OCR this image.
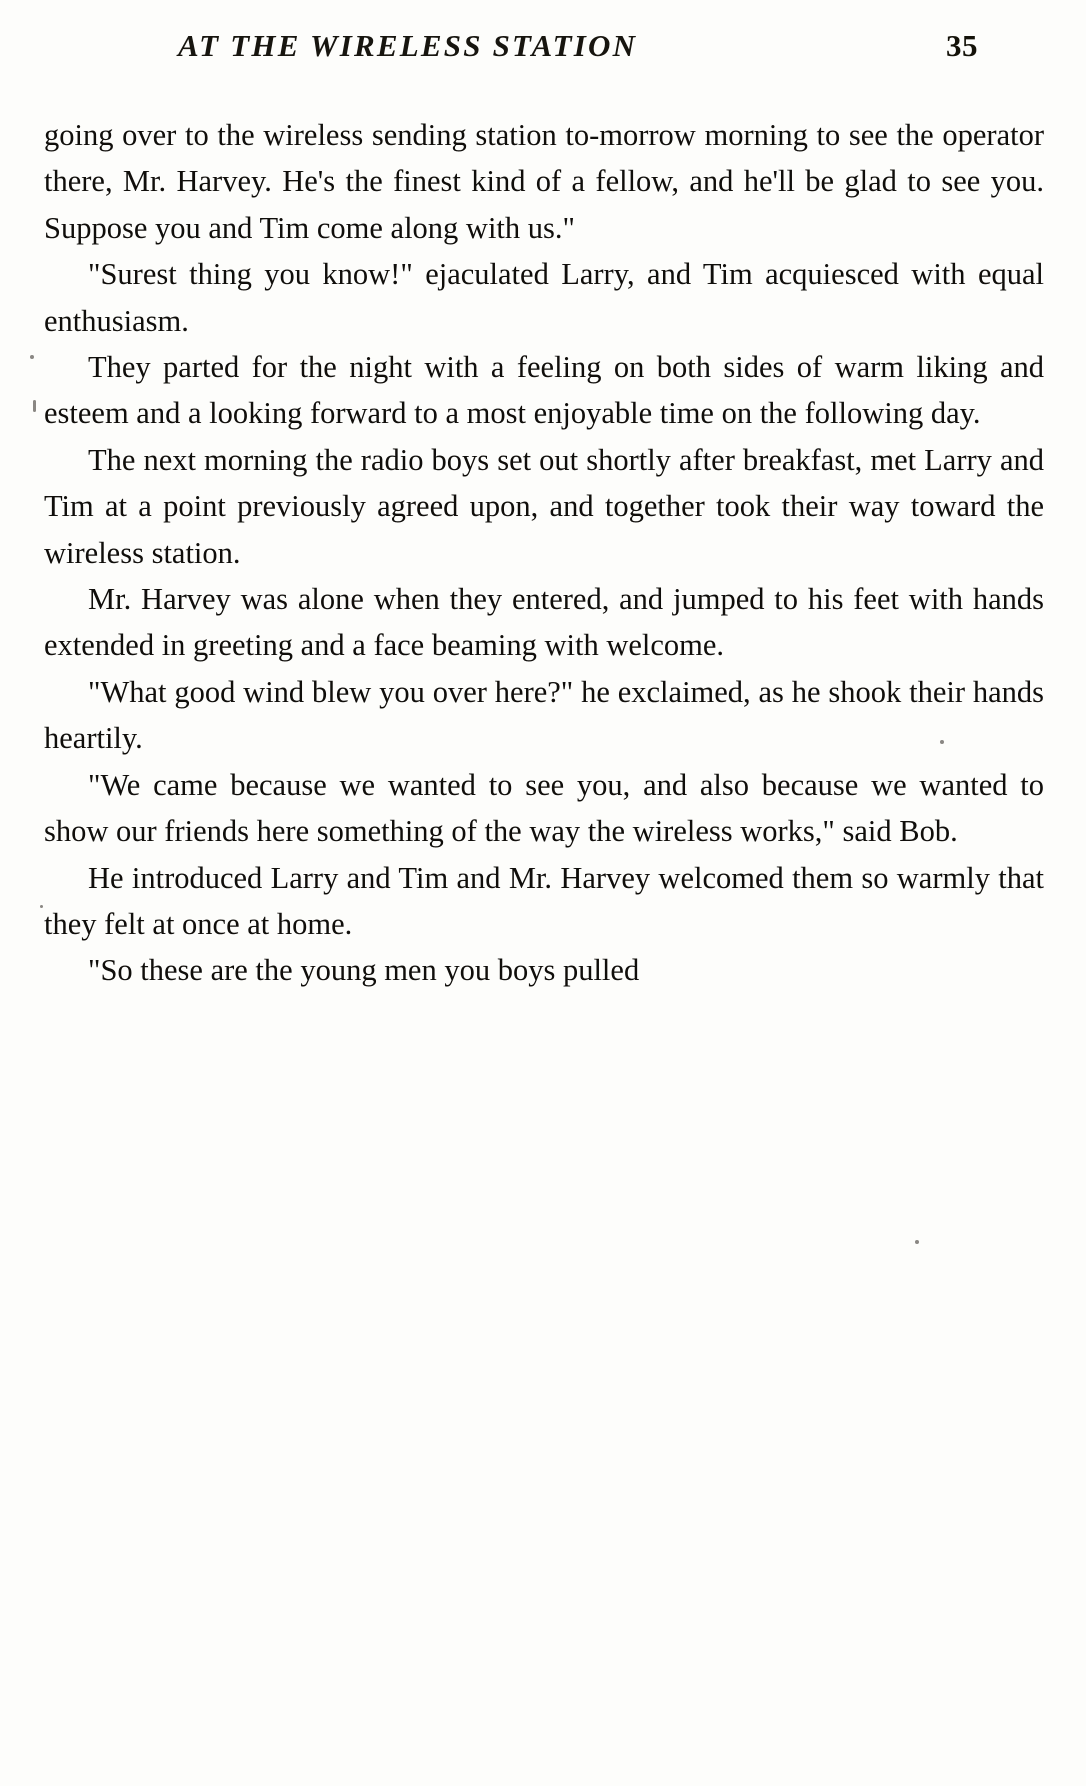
AT THE WIRELESS STATION	35

going over to the wireless sending station to-morrow morning to see the operator there, Mr. Harvey. He's the finest kind of a fellow, and he'll be glad to see you. Suppose you and Tim come along with us."

"Surest thing you know!" ejaculated Larry, and Tim acquiesced with equal enthusiasm.

They parted for the night with a feeling on both sides of warm liking and esteem and a looking forward to a most enjoyable time on the following day.

The next morning the radio boys set out shortly after breakfast, met Larry and Tim at a point previously agreed upon, and together took their way toward the wireless station.

Mr. Harvey was alone when they entered, and jumped to his feet with hands extended in greeting and a face beaming with welcome.

"What good wind blew you over here?" he exclaimed, as he shook their hands heartily.

"We came because we wanted to see you, and also because we wanted to show our friends here something of the way the wireless works," said Bob.

He introduced Larry and Tim and Mr. Harvey welcomed them so warmly that they felt at once at home.

"So these are the young men you boys pulled
